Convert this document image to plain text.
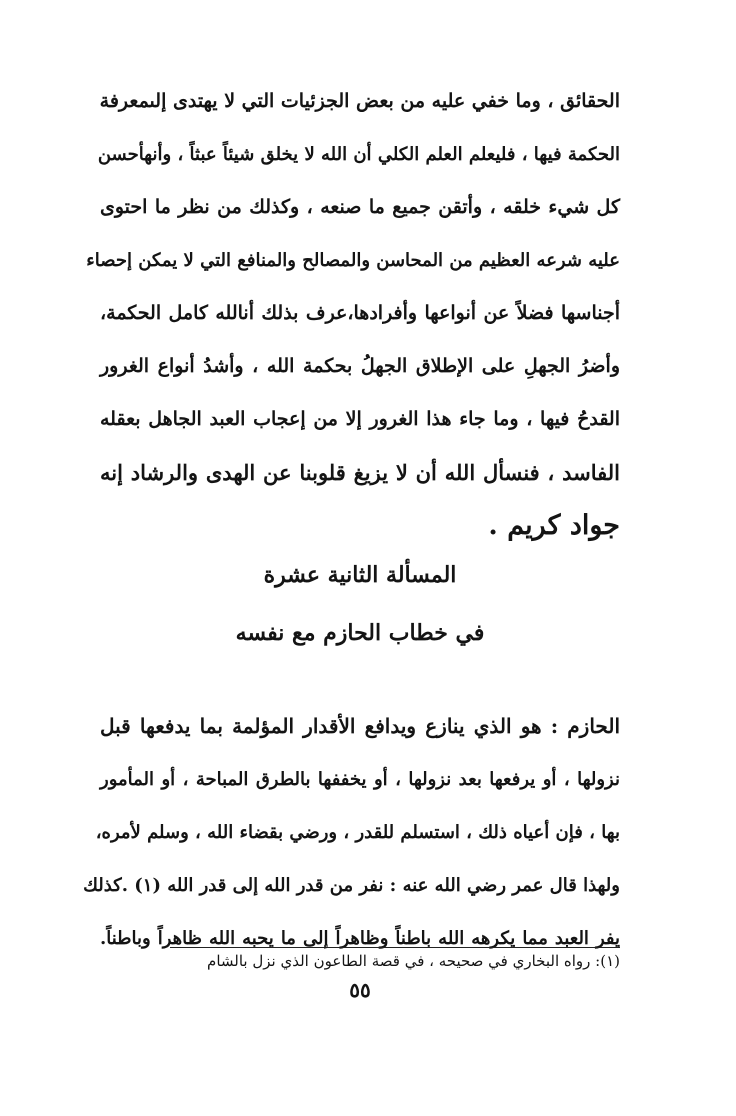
الحقائق ، وما خفي عليه من بعض الجزئيات التي لا يهتدى إلىمعرفة
الحكمة فيها ، فليعلم العلم الكلي أن الله لا يخلق شيئاً عبثاً ، وأنهأحسن
كل شيء خلقه ، وأتقن جميع ما صنعه ، وكذلك من نظر ما احتوى
عليه شرعه العظيم من المحاسن والمصالح والمنافع التي لا يمكن إحصاء
أجناسها فضلاً عن أنواعها وأفرادها،عرف بذلك أنالله كامل الحكمة،
وأضرُ الجهلِ على الإطلاق الجهلُ بحكمة الله ، وأشدُ أنواع الغرور
القدحُ فيها ، وما جاء هذا الغرور إلا من إعجاب العبد الجاهل بعقله
الفاسد ، فنسأل الله أن لا يزيغ قلوبنا عن الهدى والرشاد إنه
جواد كريم .
المسألة الثانية عشرة
في خطاب الحازم مع نفسه
الحازم : هو الذي ينازع ويدافع الأقدار المؤلمة بما يدفعها قبل
نزولها ، أو يرفعها بعد نزولها ، أو يخففها بالطرق المباحة ، أو المأمور
بها ، فإن أعياه ذلك ، استسلم للقدر ، ورضي بقضاء الله ، وسلم لأمره،
ولهذا قال عمر رضي الله عنه : نفر من قدر الله إلى قدر الله (١) .كذلك
يفر العبد مما يكرهه الله باطناً وظاهراً إلى ما يحبه الله ظاهراً وباطناً.

(١): رواه البخاري في صحيحه ، في قصة الطاعون الذي نزل بالشام

٥٥
